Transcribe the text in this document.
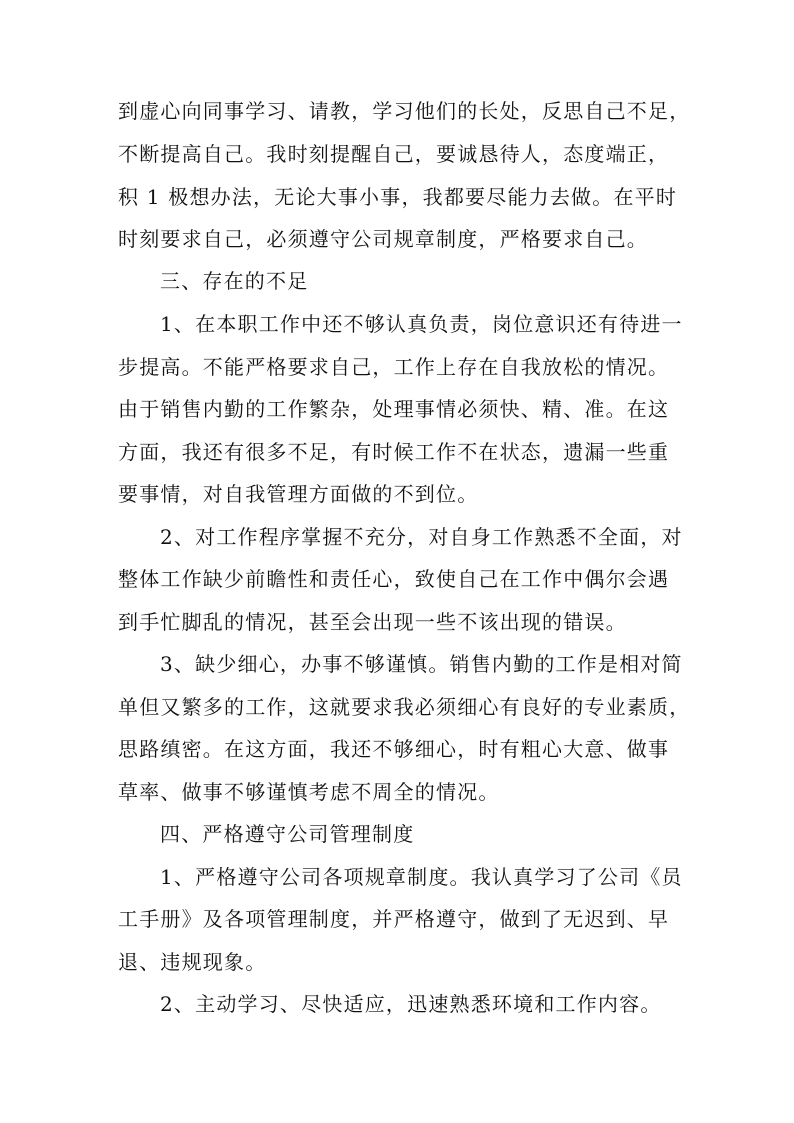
到虚心向同事学习、请教，学习他们的长处，反思自己不足，
不断提高自己。我时刻提醒自己，要诚恳待人，态度端正，
积 1 极想办法，无论大事小事，我都要尽能力去做。在平时
时刻要求自己，必须遵守公司规章制度，严格要求自己。
三、存在的不足
1、在本职工作中还不够认真负责，岗位意识还有待进一
步提高。不能严格要求自己，工作上存在自我放松的情况。
由于销售内勤的工作繁杂，处理事情必须快、精、准。在这
方面，我还有很多不足，有时候工作不在状态，遗漏一些重
要事情，对自我管理方面做的不到位。
2、对工作程序掌握不充分，对自身工作熟悉不全面，对
整体工作缺少前瞻性和责任心，致使自己在工作中偶尔会遇
到手忙脚乱的情况，甚至会出现一些不该出现的错误。
3、缺少细心，办事不够谨慎。销售内勤的工作是相对简
单但又繁多的工作，这就要求我必须细心有良好的专业素质，
思路缜密。在这方面，我还不够细心，时有粗心大意、做事
草率、做事不够谨慎考虑不周全的情况。
四、严格遵守公司管理制度
1、严格遵守公司各项规章制度。我认真学习了公司《员
工手册》及各项管理制度，并严格遵守，做到了无迟到、早
退、违规现象。
2、主动学习、尽快适应，迅速熟悉环境和工作内容。
